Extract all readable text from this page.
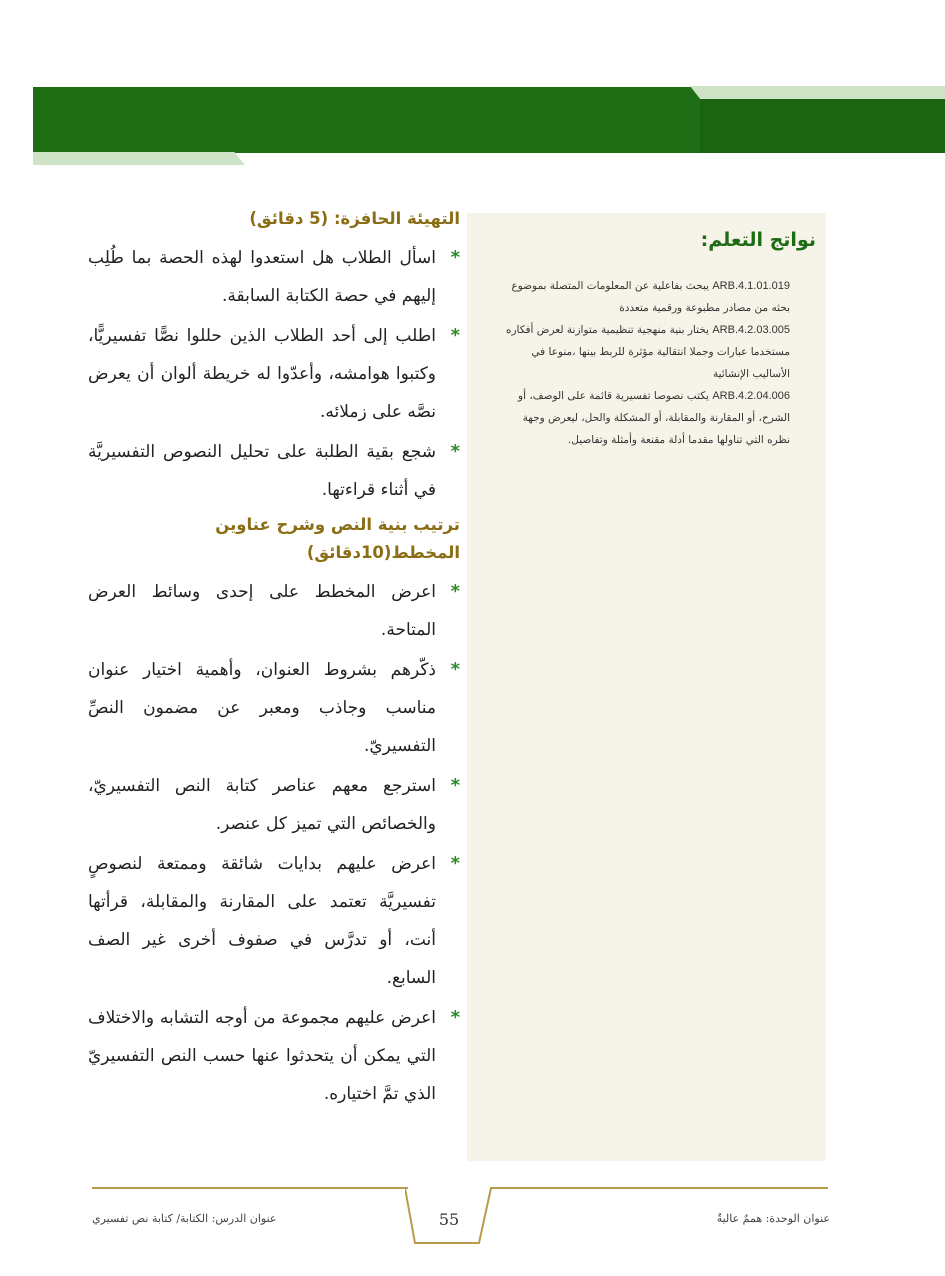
نواتج التعلم:

ARB.4.1.01.019 يبحث بفاعلية عن المعلومات المتصلة بموضوع بحثه من مصادر مطبوعة ورقمية متعددة

ARB.4.2.03.005 يختار بنية منهجية تنظيمية متوازنة لعرض أفكاره مستخدما عبارات وجملا انتقالية مؤثرة للربط بينها ،منوعا في الأساليب الإنشائية

ARB.4.2.04.006 يكتب نصوصا تفسيرية قائمة على الوصف، أو الشرح، أو المقارنة والمقابلة، أو المشكلة والحل، ليعرض وجهة نظره التي تناولها مقدما أدلة مقنعة وأمثلة وتفاصيل.

التهيئة الحافزة: (5 دقائق)
*
اسأل الطلاب هل استعدوا لهذه الحصة بما طُلِب إليهم في حصة الكتابة السابقة.
*
اطلب إلى أحد الطلاب الذين حللوا نصًّا تفسيريًّا، وكتبوا هوامشه، وأعدّوا له خريطة ألوان أن يعرض نصَّه على زملائه.
*
شجع بقية الطلبة على تحليل النصوص التفسيريَّة في أثناء قراءتها.
ترتيب بنية النص وشرح عناوين المخطط(10دقائق)
*
اعرض المخطط على إحدى وسائط العرض المتاحة.
*
ذكّرهم بشروط العنوان، وأهمية اختيار عنوان مناسب وجاذب ومعبر عن مضمون النصِّ التفسيريّ.
*
استرجع معهم عناصر كتابة النص التفسيريّ، والخصائص التي تميز كل عنصر.
*
اعرض عليهم بدايات شائقة وممتعة لنصوصٍ تفسيريَّة تعتمد على المقارنة والمقابلة، قرأتها أنت، أو تدرَّس في صفوف أخرى غير الصف السابع.
*
اعرض عليهم مجموعة من أوجه التشابه والاختلاف التي يمكن أن يتحدثوا عنها حسب النص التفسيريّ الذي تمَّ اختياره.
55
عنوان الدرس: الكتابة/ كتابة نص تفسيري	عنوان الوحدة: هممٌ عاليةٌ
